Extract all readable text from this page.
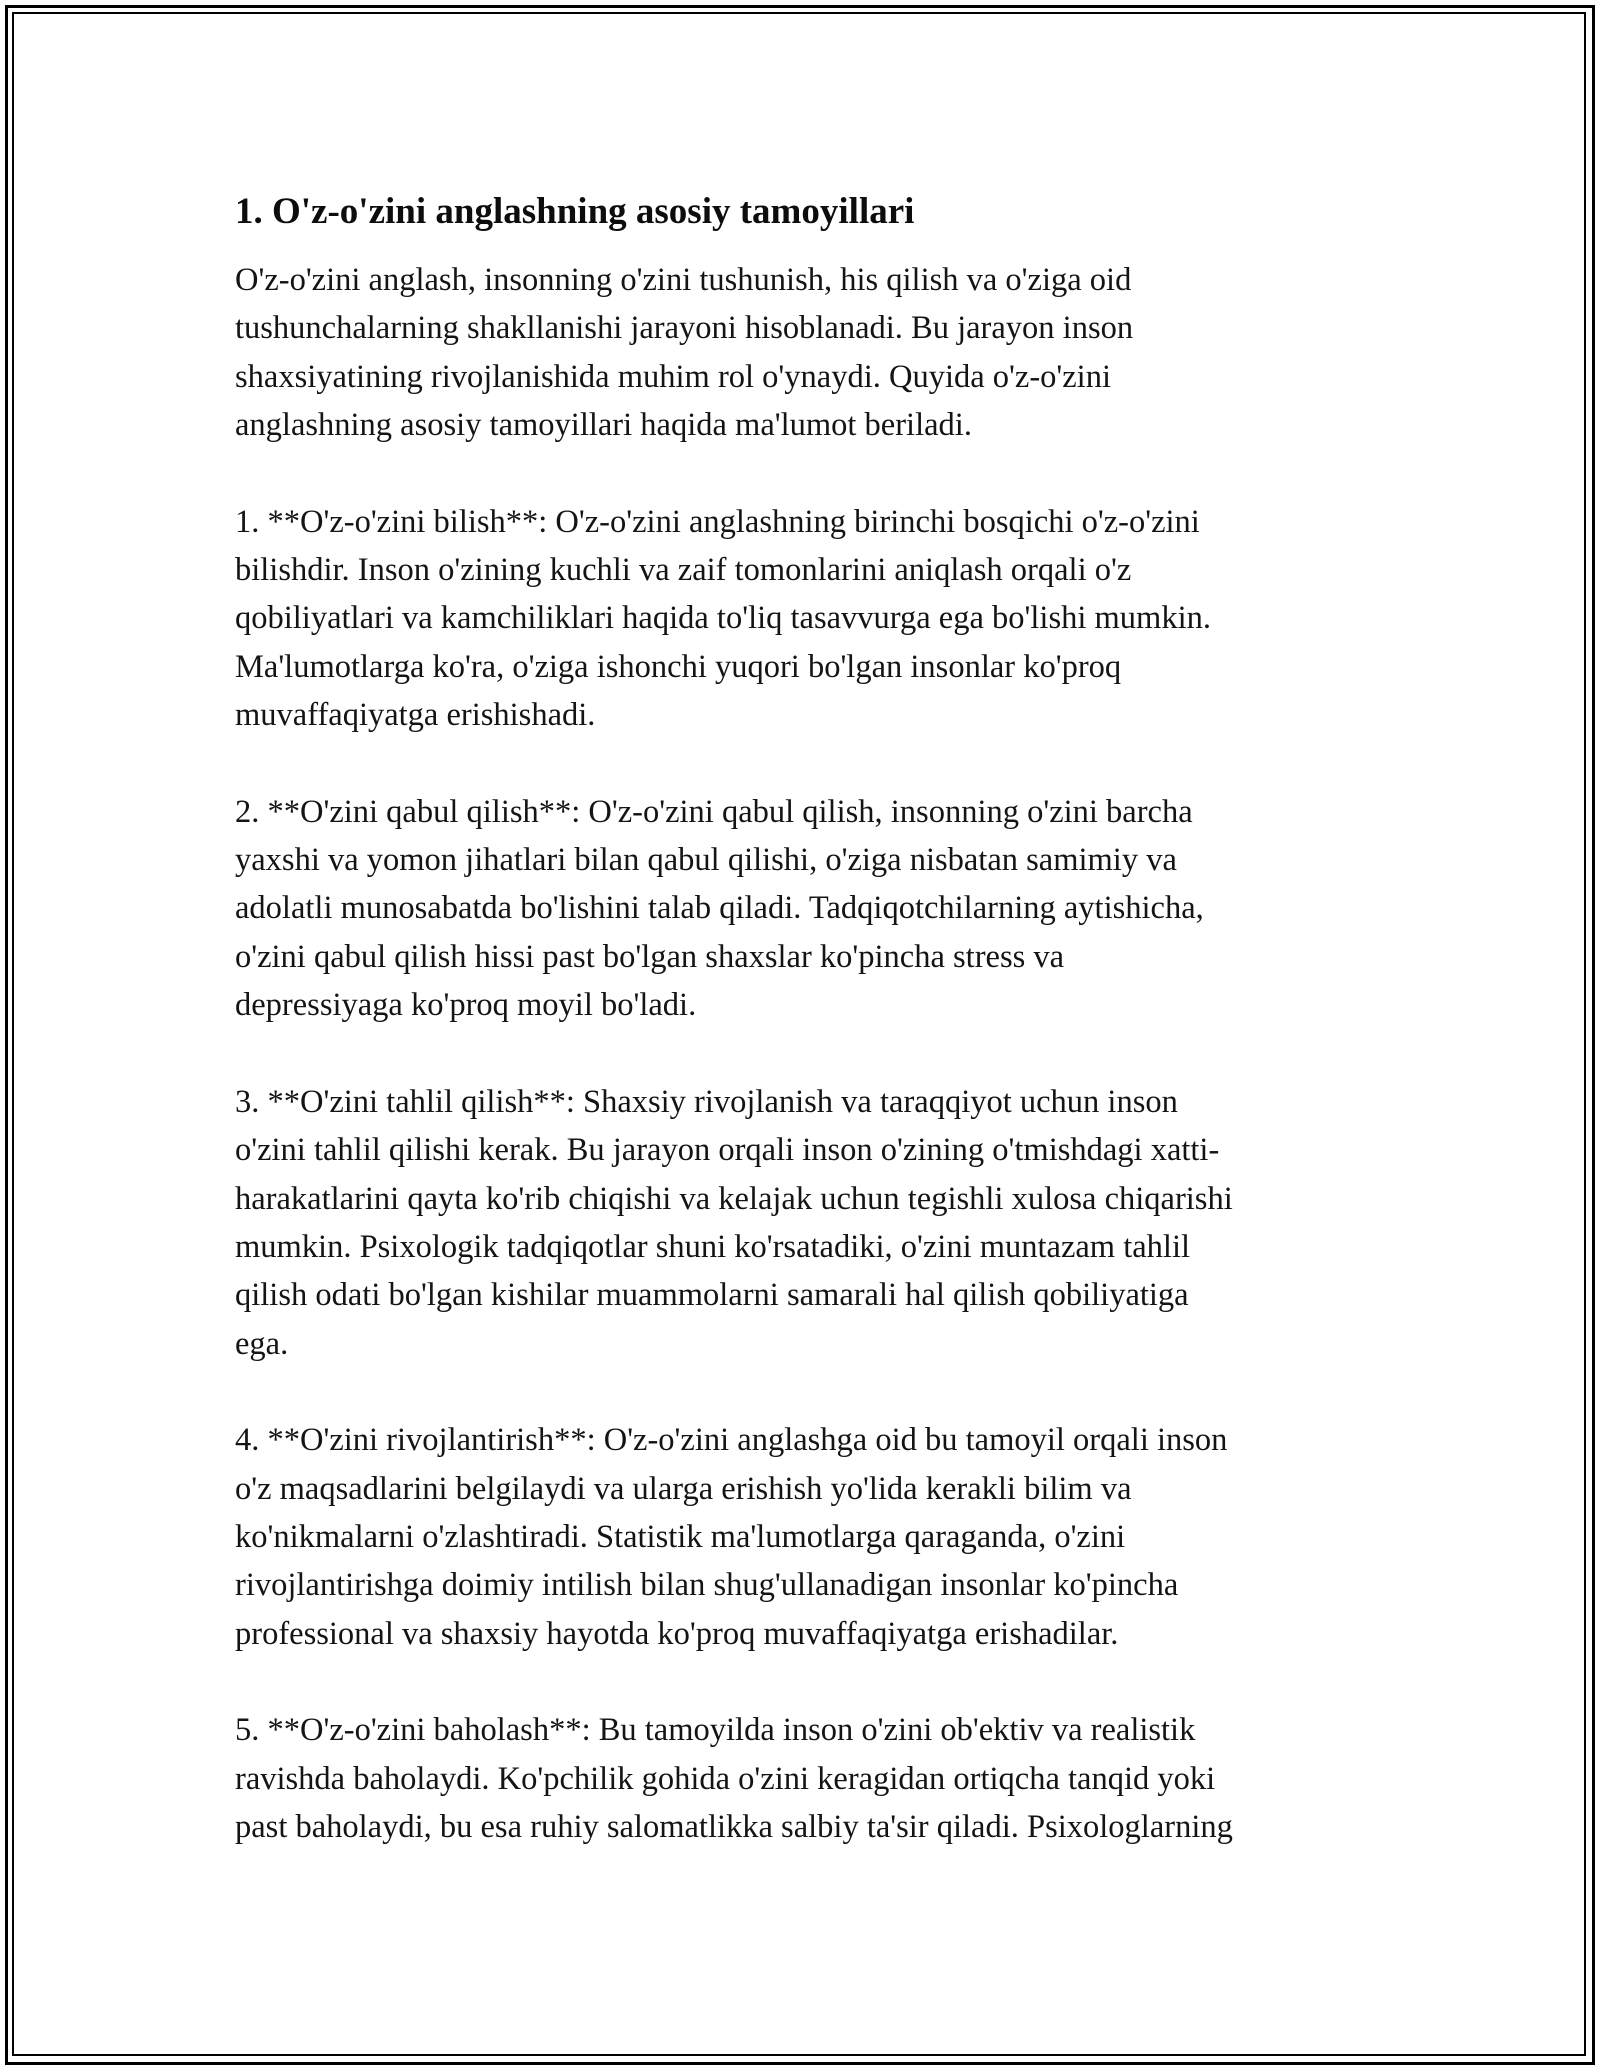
1. O'z-o'zini anglashning asosiy tamoyillari

O'z-o'zini anglash, insonning o'zini tushunish, his qilish va o'ziga oid
tushunchalarning shakllanishi jarayoni hisoblanadi. Bu jarayon inson
shaxsiyatining rivojlanishida muhim rol o'ynaydi. Quyida o'z-o'zini
anglashning asosiy tamoyillari haqida ma'lumot beriladi.

1. **O'z-o'zini bilish**: O'z-o'zini anglashning birinchi bosqichi o'z-o'zini
bilishdir. Inson o'zining kuchli va zaif tomonlarini aniqlash orqali o'z
qobiliyatlari va kamchiliklari haqida to'liq tasavvurga ega bo'lishi mumkin.
Ma'lumotlarga ko'ra, o'ziga ishonchi yuqori bo'lgan insonlar ko'proq
muvaffaqiyatga erishishadi.

2. **O'zini qabul qilish**: O'z-o'zini qabul qilish, insonning o'zini barcha
yaxshi va yomon jihatlari bilan qabul qilishi, o'ziga nisbatan samimiy va
adolatli munosabatda bo'lishini talab qiladi. Tadqiqotchilarning aytishicha,
o'zini qabul qilish hissi past bo'lgan shaxslar ko'pincha stress va
depressiyaga ko'proq moyil bo'ladi.

3. **O'zini tahlil qilish**: Shaxsiy rivojlanish va taraqqiyot uchun inson
o'zini tahlil qilishi kerak. Bu jarayon orqali inson o'zining o'tmishdagi xatti-
harakatlarini qayta ko'rib chiqishi va kelajak uchun tegishli xulosa chiqarishi
mumkin. Psixologik tadqiqotlar shuni ko'rsatadiki, o'zini muntazam tahlil
qilish odati bo'lgan kishilar muammolarni samarali hal qilish qobiliyatiga
ega.

4. **O'zini rivojlantirish**: O'z-o'zini anglashga oid bu tamoyil orqali inson
o'z maqsadlarini belgilaydi va ularga erishish yo'lida kerakli bilim va
ko'nikmalarni o'zlashtiradi. Statistik ma'lumotlarga qaraganda, o'zini
rivojlantirishga doimiy intilish bilan shug'ullanadigan insonlar ko'pincha
professional va shaxsiy hayotda ko'proq muvaffaqiyatga erishadilar.

5. **O'z-o'zini baholash**: Bu tamoyilda inson o'zini ob'ektiv va realistik
ravishda baholaydi. Ko'pchilik gohida o'zini keragidan ortiqcha tanqid yoki
past baholaydi, bu esa ruhiy salomatlikka salbiy ta'sir qiladi. Psixologlarning
